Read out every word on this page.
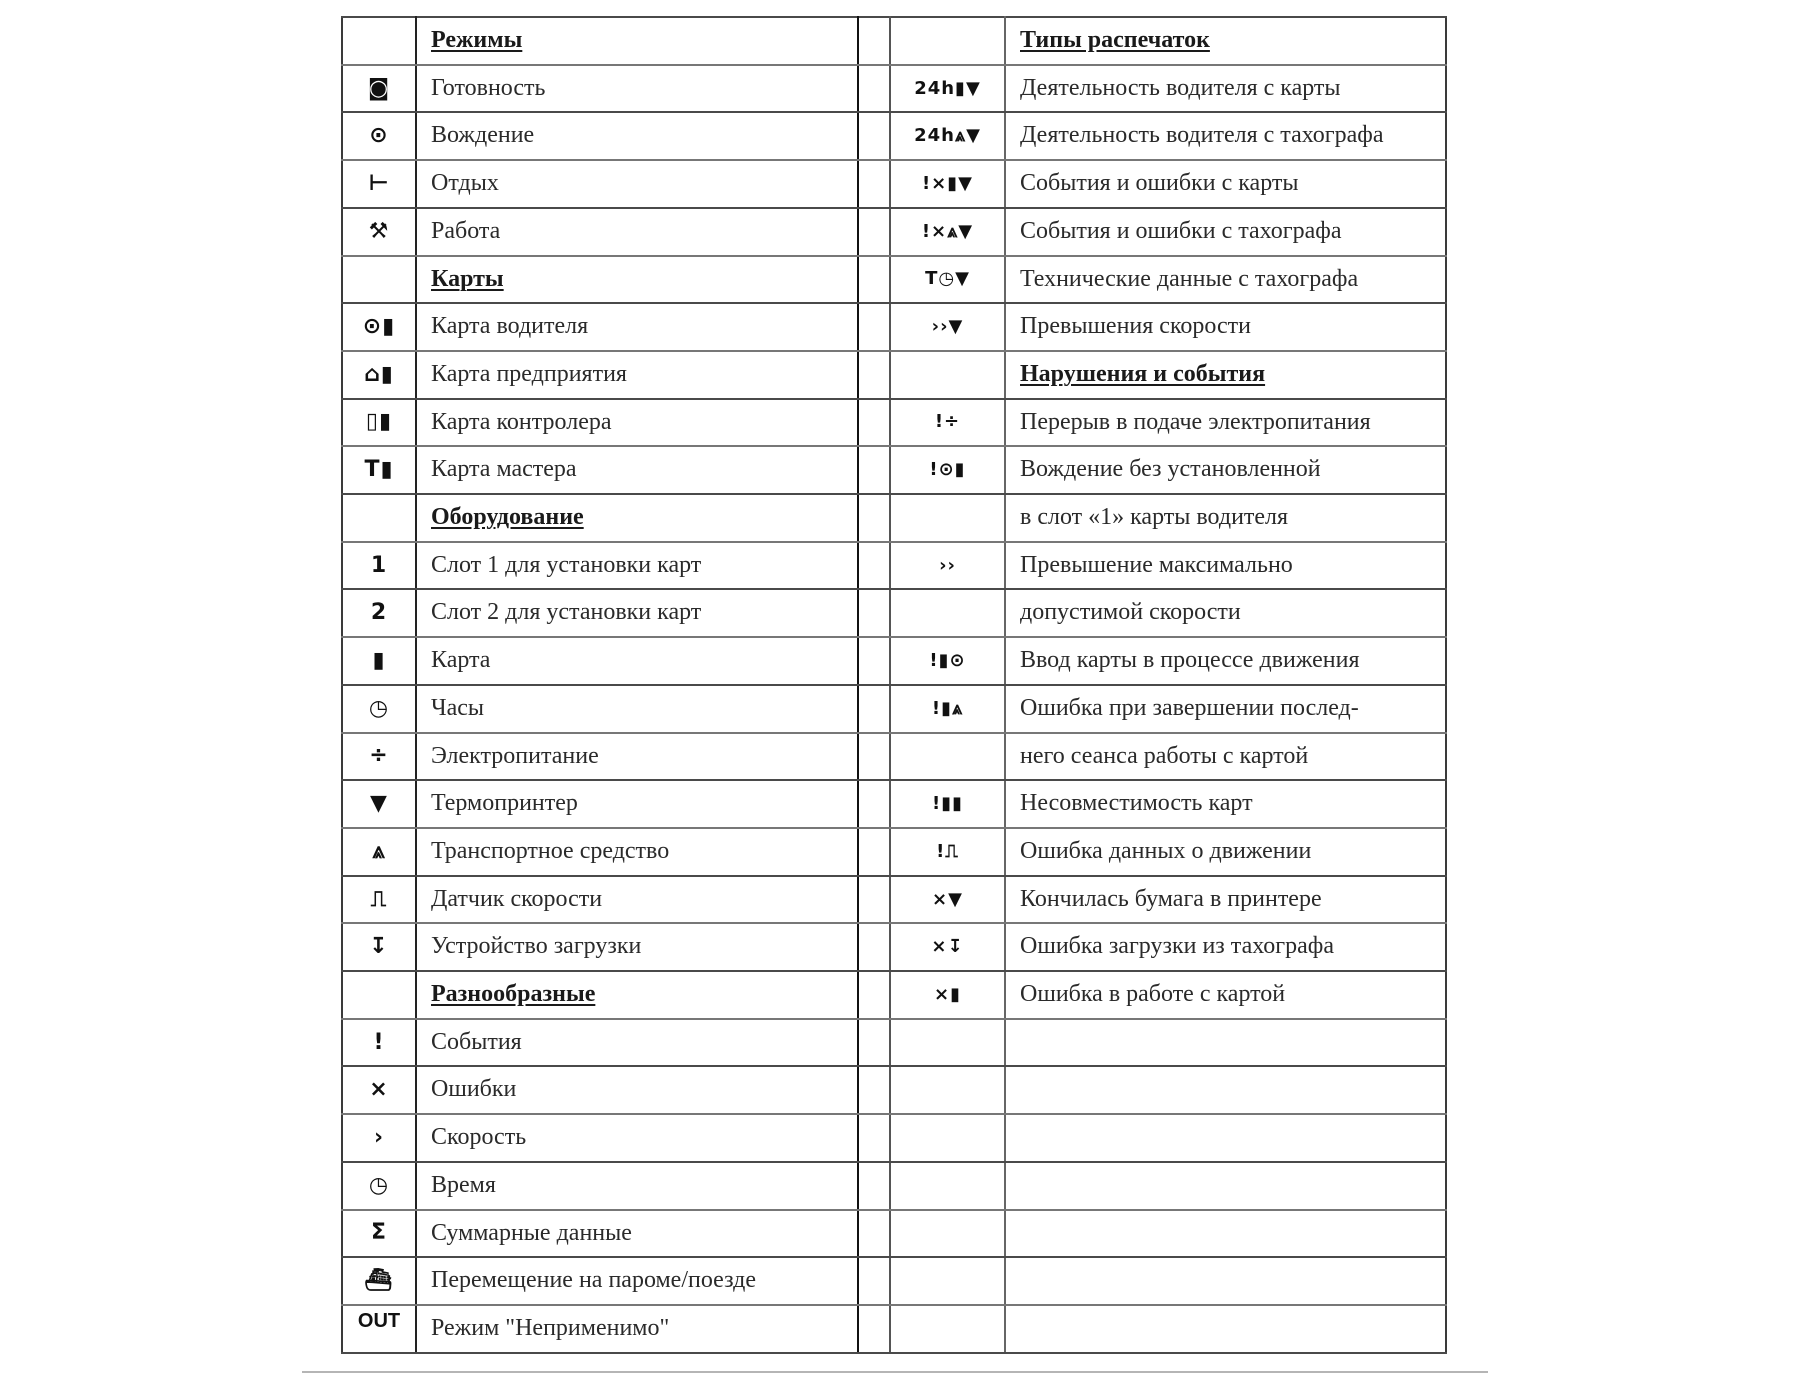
	Режимы			Типы распечаток

◙	Готовность		24h▮▼	Деятельность водителя с карты

⊙	Вождение		24h⩓▼	Деятельность водителя с тахографа

⊢	Отдых		!×▮▼	События и ошибки с карты

⚒	Работа		!×⩓▼	События и ошибки с тахографа

	Карты		T◷▼	Технические данные с тахографа

⊙▮	Карта водителя		››▼	Превышения скорости

⌂▮	Карта предприятия			Нарушения и события

▯▮	Карта контролера		!÷	Перерыв в подаче электропитания

T▮	Карта мастера		!⊙▮	Вождение без установленной

	Оборудование			в слот «1» карты водителя

1	Слот 1 для установки карт		››	Превышение максимально

2	Слот 2 для установки карт			допустимой скорости

▮	Карта		!▮⊙	Ввод карты в процессе движения

◷	Часы		!▮⩓	Ошибка при завершении послед-

÷	Электропитание			него сеанса работы с картой

▼	Термопринтер		!▮▮	Несовместимость карт

⩓	Транспортное средство		!⎍	Ошибка данных о движении

⎍	Датчик скорости		×▼	Кончилась бумага в принтере

↧	Устройство загрузки		×↧	Ошибка загрузки из тахографа

	Разнообразные		×▮	Ошибка в работе с картой

!	События			

×	Ошибки			

›	Скорость			

◷	Время			

Σ	Суммарные данные			

⛴	Перемещение на пароме/поезде			

OUT	Режим "Неприменимо"			
